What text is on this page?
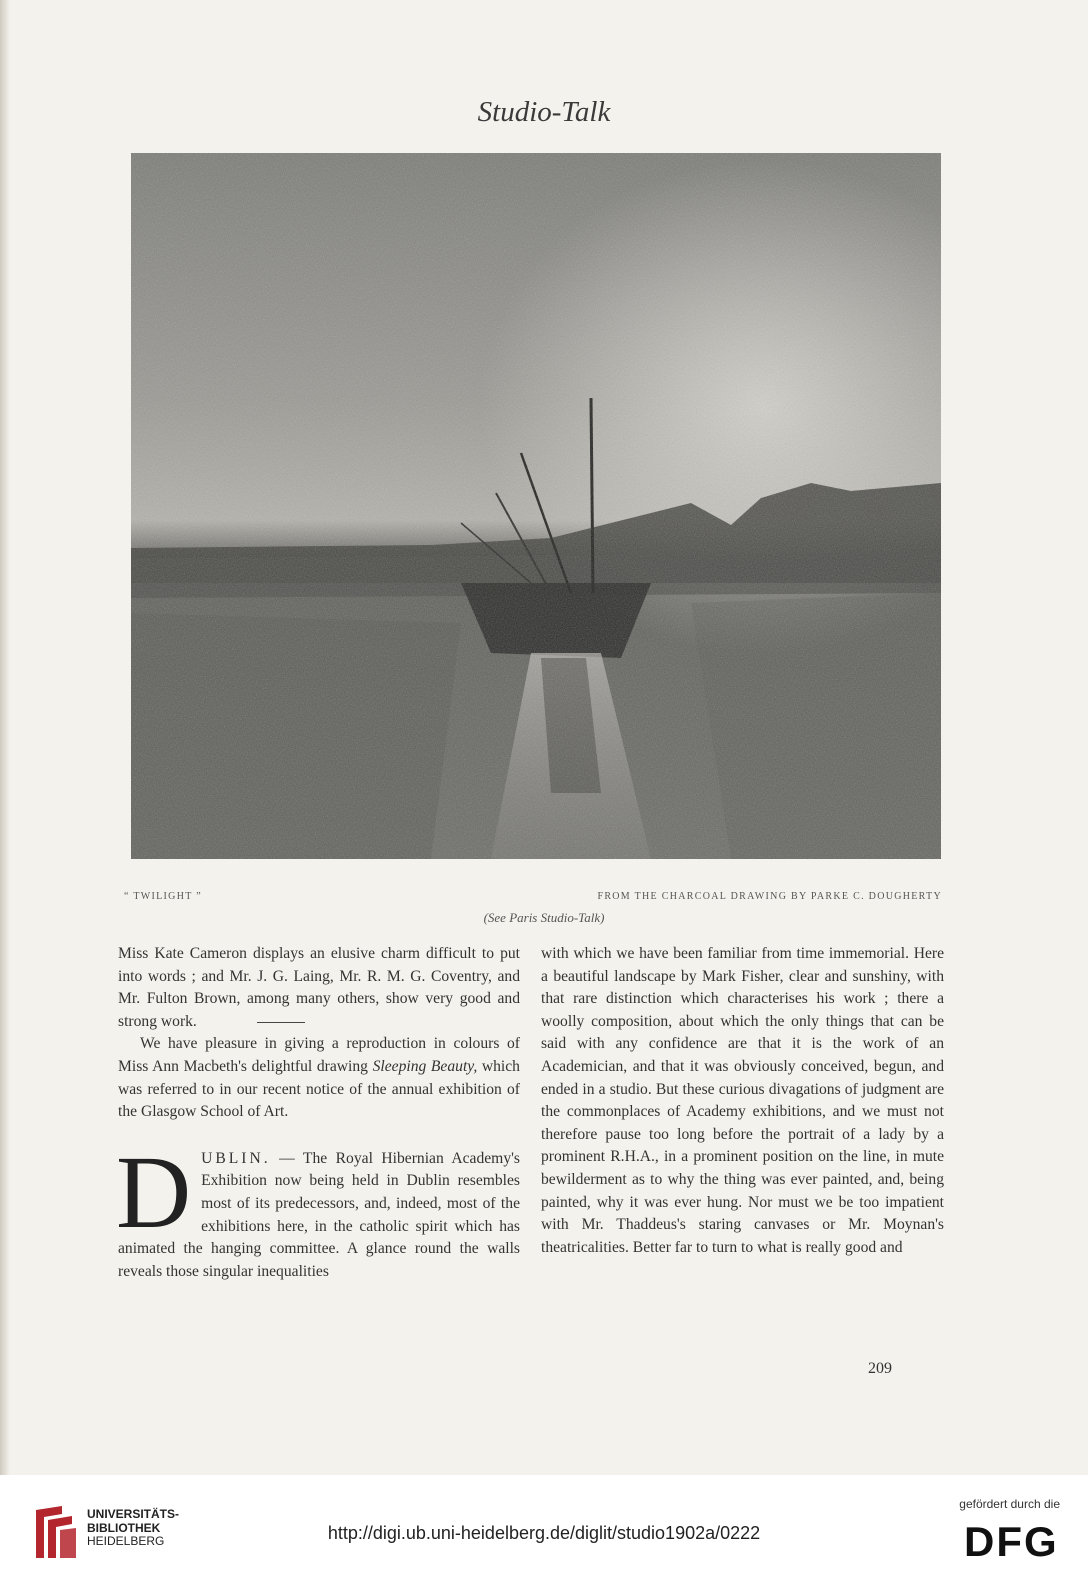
Studio-Talk
“ TWILIGHT ”	FROM THE CHARCOAL DRAWING BY PARKE C. DOUGHERTY
(See Paris Studio-Talk)

Miss Kate Cameron displays an elusive charm difficult to put into words ; and Mr. J. G. Laing, Mr. R. M. G. Coventry, and Mr. Fulton Brown, among many others, show very good and strong work.

We have pleasure in giving a reproduction in colours of Miss Ann Macbeth's delightful drawing Sleeping Beauty, which was referred to in our recent notice of the annual exhibition of the Glasgow School of Art.

DUBLIN. — The Royal Hibernian Academy's Exhibition now being held in Dublin resembles most of its predecessors, and, indeed, most of the exhibitions here, in the catholic spirit which has animated the hanging committee. A glance round the walls reveals those singular inequalities

with which we have been familiar from time immemorial. Here a beautiful landscape by Mark Fisher, clear and sunshiny, with that rare distinction which characterises his work ; there a woolly composition, about which the only things that can be said with any confidence are that it is the work of an Academician, and that it was obviously conceived, begun, and ended in a studio. But these curious divagations of judgment are the commonplaces of Academy exhibitions, and we must not therefore pause too long before the portrait of a lady by a prominent R.H.A., in a prominent position on the line, in mute bewilderment as to why the thing was ever painted, and, being painted, why it was ever hung. Nor must we be too impatient with Mr. Thaddeus's staring canvases or Mr. Moynan's theatricalities. Better far to turn to what is really good and

209
UNIVERSITÄTS-
BIBLIOTHEK
HEIDELBERG	http://digi.ub.uni-heidelberg.de/diglit/studio1902a/0222
gefördert durch die
DFG
